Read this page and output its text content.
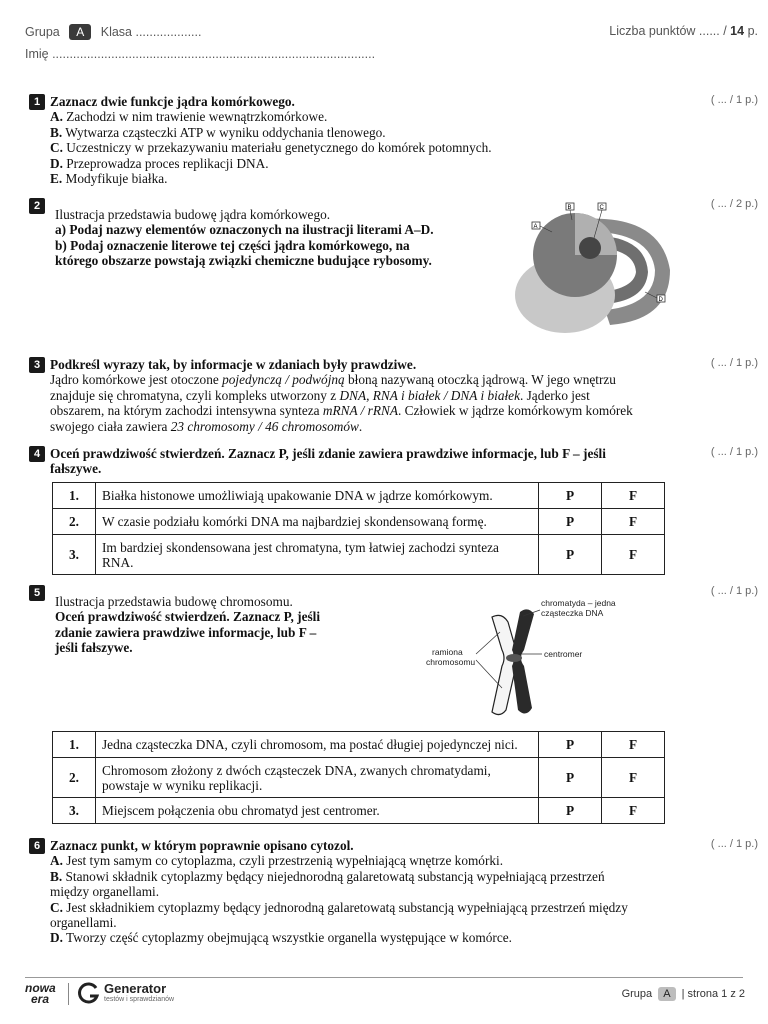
Grupa A Klasa ...................
Imię .............................................................................................
Liczba punktów ...... / 14 p.
1	( ... / 1 p.)

Zaznacz dwie funkcje jądra komórkowego.

A. Zachodzi w nim trawienie wewnątrzkomórkowe.

B. Wytwarza cząsteczki ATP w wyniku oddychania tlenowego.

C. Uczestniczy w przekazywaniu materiału genetycznego do komórek potomnych.

D. Przeprowadza proces replikacji DNA.

E. Modyfikuje białka.

2	( ... / 2 p.)

Ilustracja przedstawia budowę jądra komórkowego.

a) Podaj nazwy elementów oznaczonych na ilustracji literami A–D.

b) Podaj oznaczenie literowe tej części jądra komórkowego, na

którego obszarze powstają związki chemiczne budujące rybosomy.

A
B	C
D
3	( ... / 1 p.)

Podkreśl wyrazy tak, by informacje w zdaniach były prawdziwe.

Jądro komórkowe jest otoczone pojedynczą / podwójną błoną nazywaną otoczką jądrową. W jego wnętrzu

znajduje się chromatyna, czyli kompleks utworzony z DNA, RNA i białek / DNA i białek. Jąderko jest

obszarem, na którym zachodzi intensywna synteza mRNA / rRNA. Człowiek w jądrze komórkowym komórek

swojego ciała zawiera 23 chromosomy / 46 chromosomów.

4	( ... / 1 p.)

Oceń prawdziwość stwierdzeń. Zaznacz P, jeśli zdanie zawiera prawdziwe informacje, lub F – jeśli

fałszywe.

1.	Białka histonowe umożliwiają upakowanie DNA w jądrze komórkowym.	P	F
2.	W czasie podziału komórki DNA ma najbardziej skondensowaną formę.	P	F
3.	Im bardziej skondensowana jest chromatyna, tym łatwiej zachodzi synteza RNA.	P	F
5	( ... / 1 p.)

Ilustracja przedstawia budowę chromosomu.

Oceń prawdziwość stwierdzeń. Zaznacz P, jeśli

zdanie zawiera prawdziwe informacje, lub F –

jeśli fałszywe.

chromatyda – jedna
cząsteczka DNA
ramiona
chromosomu
centromer
1.	Jedna cząsteczka DNA, czyli chromosom, ma postać długiej pojedynczej nici.	P	F
2.	Chromosom złożony z dwóch cząsteczek DNA, zwanych chromatydami, powstaje w wyniku replikacji.	P	F
3.	Miejscem połączenia obu chromatyd jest centromer.	P	F
6	( ... / 1 p.)

Zaznacz punkt, w którym poprawnie opisano cytozol.

A. Jest tym samym co cytoplazma, czyli przestrzenią wypełniającą wnętrze komórki.

B. Stanowi składnik cytoplazmy będący niejednorodną galaretowatą substancją wypełniającą przestrzeń

między organellami.

C. Jest składnikiem cytoplazmy będący jednorodną galaretowatą substancją wypełniającą przestrzeń między

organellami.

D. Tworzy część cytoplazmy obejmującą wszystkie organella występujące w komórce.

nowa
era
Generator
testów i sprawdzianów	Grupa A | strona 1 z 2
